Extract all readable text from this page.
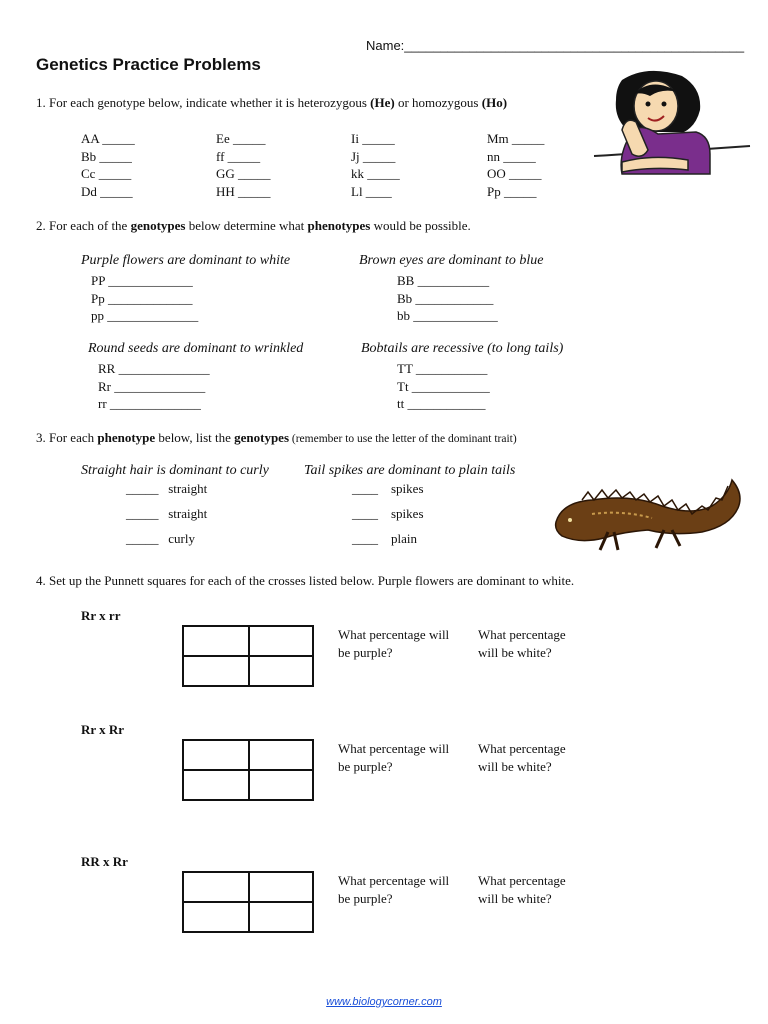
Name:_______________________________________________
Genetics Practice Problems
1. For each genotype below, indicate whether it is heterozygous (He) or homozygous (Ho)
AA _____
Bb _____
Cc _____
Dd _____
Ee _____
ff _____
GG _____
HH _____
Ii _____
Jj _____
kk _____
Ll ____
Mm _____
nn _____
OO _____
Pp _____
2. For each of the genotypes below determine what phenotypes would be possible.
Purple flowers are dominant to white
PP _____________
Pp _____________
pp ______________
Brown eyes are dominant to blue
BB ___________
Bb ____________
bb _____________
Round seeds are dominant to wrinkled
RR ______________
Rr ______________
rr ______________
Bobtails are recessive (to long tails)
TT ___________
Tt ____________
tt ____________
3. For each phenotype below, list the genotypes (remember to use the letter of the dominant trait)
Straight hair is dominant to curly	Tail spikes are dominant to plain tails
_____ straight
_____ straight
_____ curly
____ spikes
____ spikes
____ plain
4. Set up the Punnett squares for each of the crosses listed below. Purple flowers are dominant to white.
Rr x rr
What percentage will
be purple?
What percentage
will be white?
Rr x Rr
What percentage will
be purple?
What percentage
will be white?
RR x Rr
What percentage will
be purple?
What percentage
will be white?
www.biologycorner.com
